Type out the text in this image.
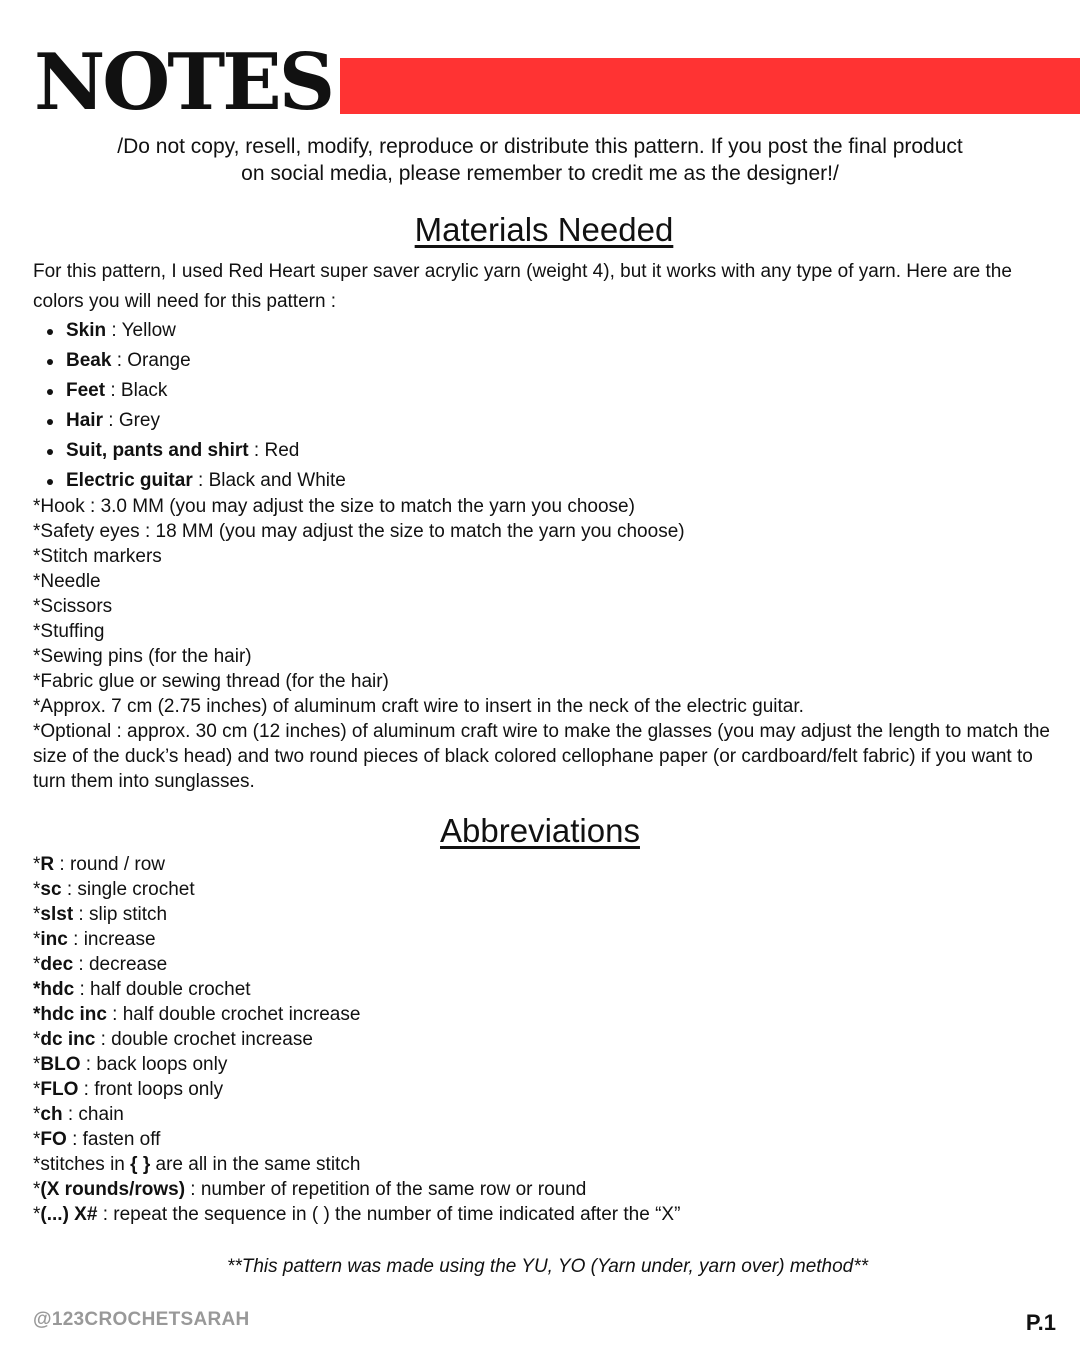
NOTES
/Do not copy, resell, modify, reproduce or distribute this pattern. If you post the final product
on social media, please remember to credit me as the designer!/
Materials Needed
For this pattern, I used Red Heart super saver acrylic yarn (weight 4), but it works with any type of yarn. Here are the colors you will need for this pattern :
Skin : Yellow
Beak : Orange
Feet : Black
Hair : Grey
Suit, pants and shirt : Red
Electric guitar : Black and White
*Hook : 3.0 MM (you may adjust the size to match the yarn you choose)
*Safety eyes : 18 MM (you may adjust the size to match the yarn you choose)
*Stitch markers
*Needle
*Scissors
*Stuffing
*Sewing pins (for the hair)
*Fabric glue or sewing thread (for the hair)
*Approx. 7 cm (2.75 inches) of aluminum craft wire to insert in the neck of the electric guitar.
*Optional : approx. 30 cm (12 inches) of aluminum craft wire to make the glasses (you may adjust the length to match the size of the duck’s head) and two round pieces of black colored cellophane paper (or cardboard/felt fabric) if you want to turn them into sunglasses.
Abbreviations
*R : round / row
*sc : single crochet
*slst : slip stitch
*inc : increase
*dec : decrease
*hdc : half double crochet
*hdc inc : half double crochet increase
*dc inc : double crochet increase
*BLO : back loops only
*FLO : front loops only
*ch : chain
*FO : fasten off
*stitches in { } are all in the same stitch
*(X rounds/rows) : number of repetition of the same row or round
*(...) X# : repeat the sequence in ( ) the number of time indicated after the “X”
**This pattern was made using the YU, YO (Yarn under, yarn over) method**
@123CROCHETSARAH	P.1
